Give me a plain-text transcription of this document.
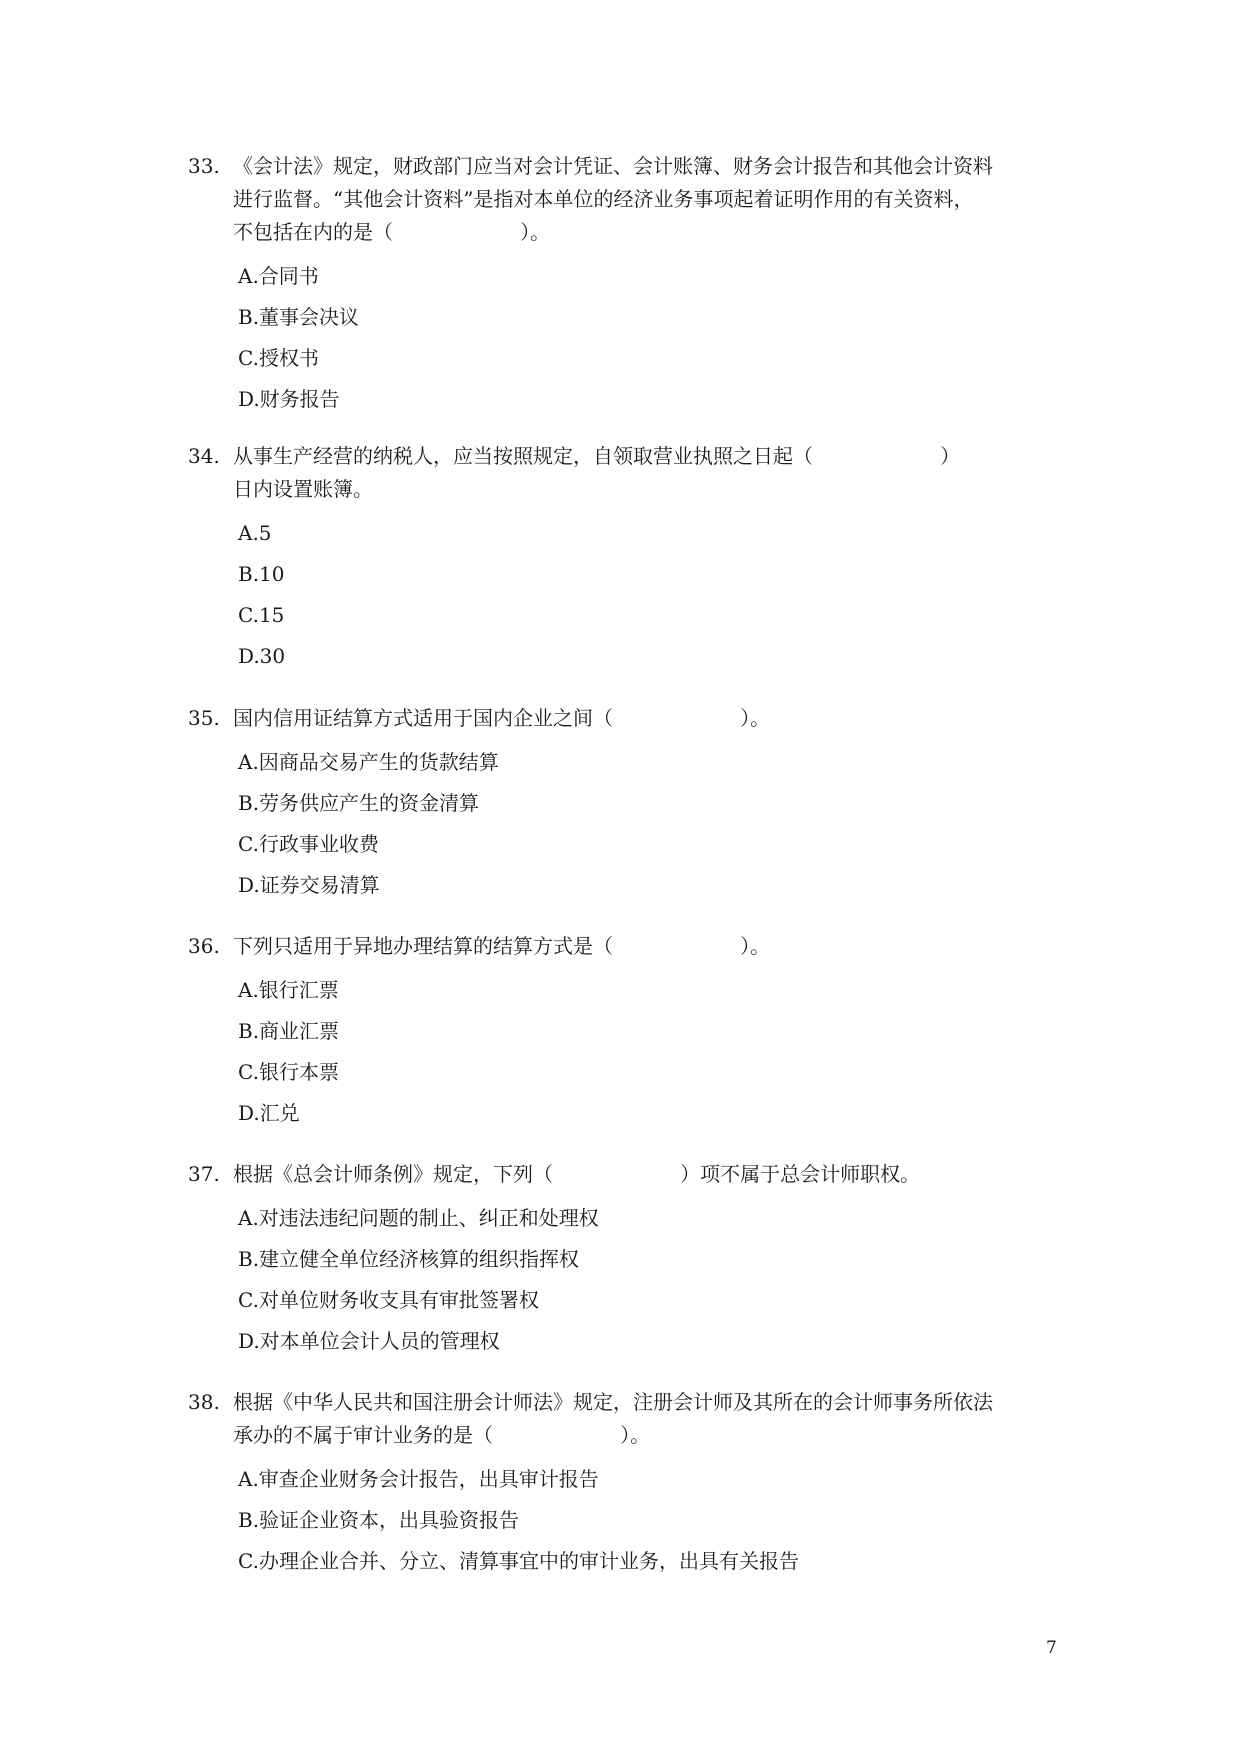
33. 《会计法》规定，财政部门应当对会计凭证、会计账簿、财务会计报告和其他会计资料
进行监督。“其他会计资料”是指对本单位的经济业务事项起着证明作用的有关资料，
不包括在内的是（                    ）。
A.合同书
B.董事会决议
C.授权书
D.财务报告
34. 从事生产经营的纳税人，应当按照规定，自领取营业执照之日起（                    ）
日内设置账簿。
A.5
B.10
C.15
D.30
35. 国内信用证结算方式适用于国内企业之间（                    ）。
A.因商品交易产生的货款结算
B.劳务供应产生的资金清算
C.行政事业收费
D.证券交易清算
36. 下列只适用于异地办理结算的结算方式是（                    ）。
A.银行汇票
B.商业汇票
C.银行本票
D.汇兑
37. 根据《总会计师条例》规定，下列（                    ）项不属于总会计师职权。
A.对违法违纪问题的制止、纠正和处理权
B.建立健全单位经济核算的组织指挥权
C.对单位财务收支具有审批签署权
D.对本单位会计人员的管理权
38. 根据《中华人民共和国注册会计师法》规定，注册会计师及其所在的会计师事务所依法
承办的不属于审计业务的是（                    ）。
A.审查企业财务会计报告，出具审计报告
B.验证企业资本，出具验资报告
C.办理企业合并、分立、清算事宜中的审计业务，出具有关报告
7
